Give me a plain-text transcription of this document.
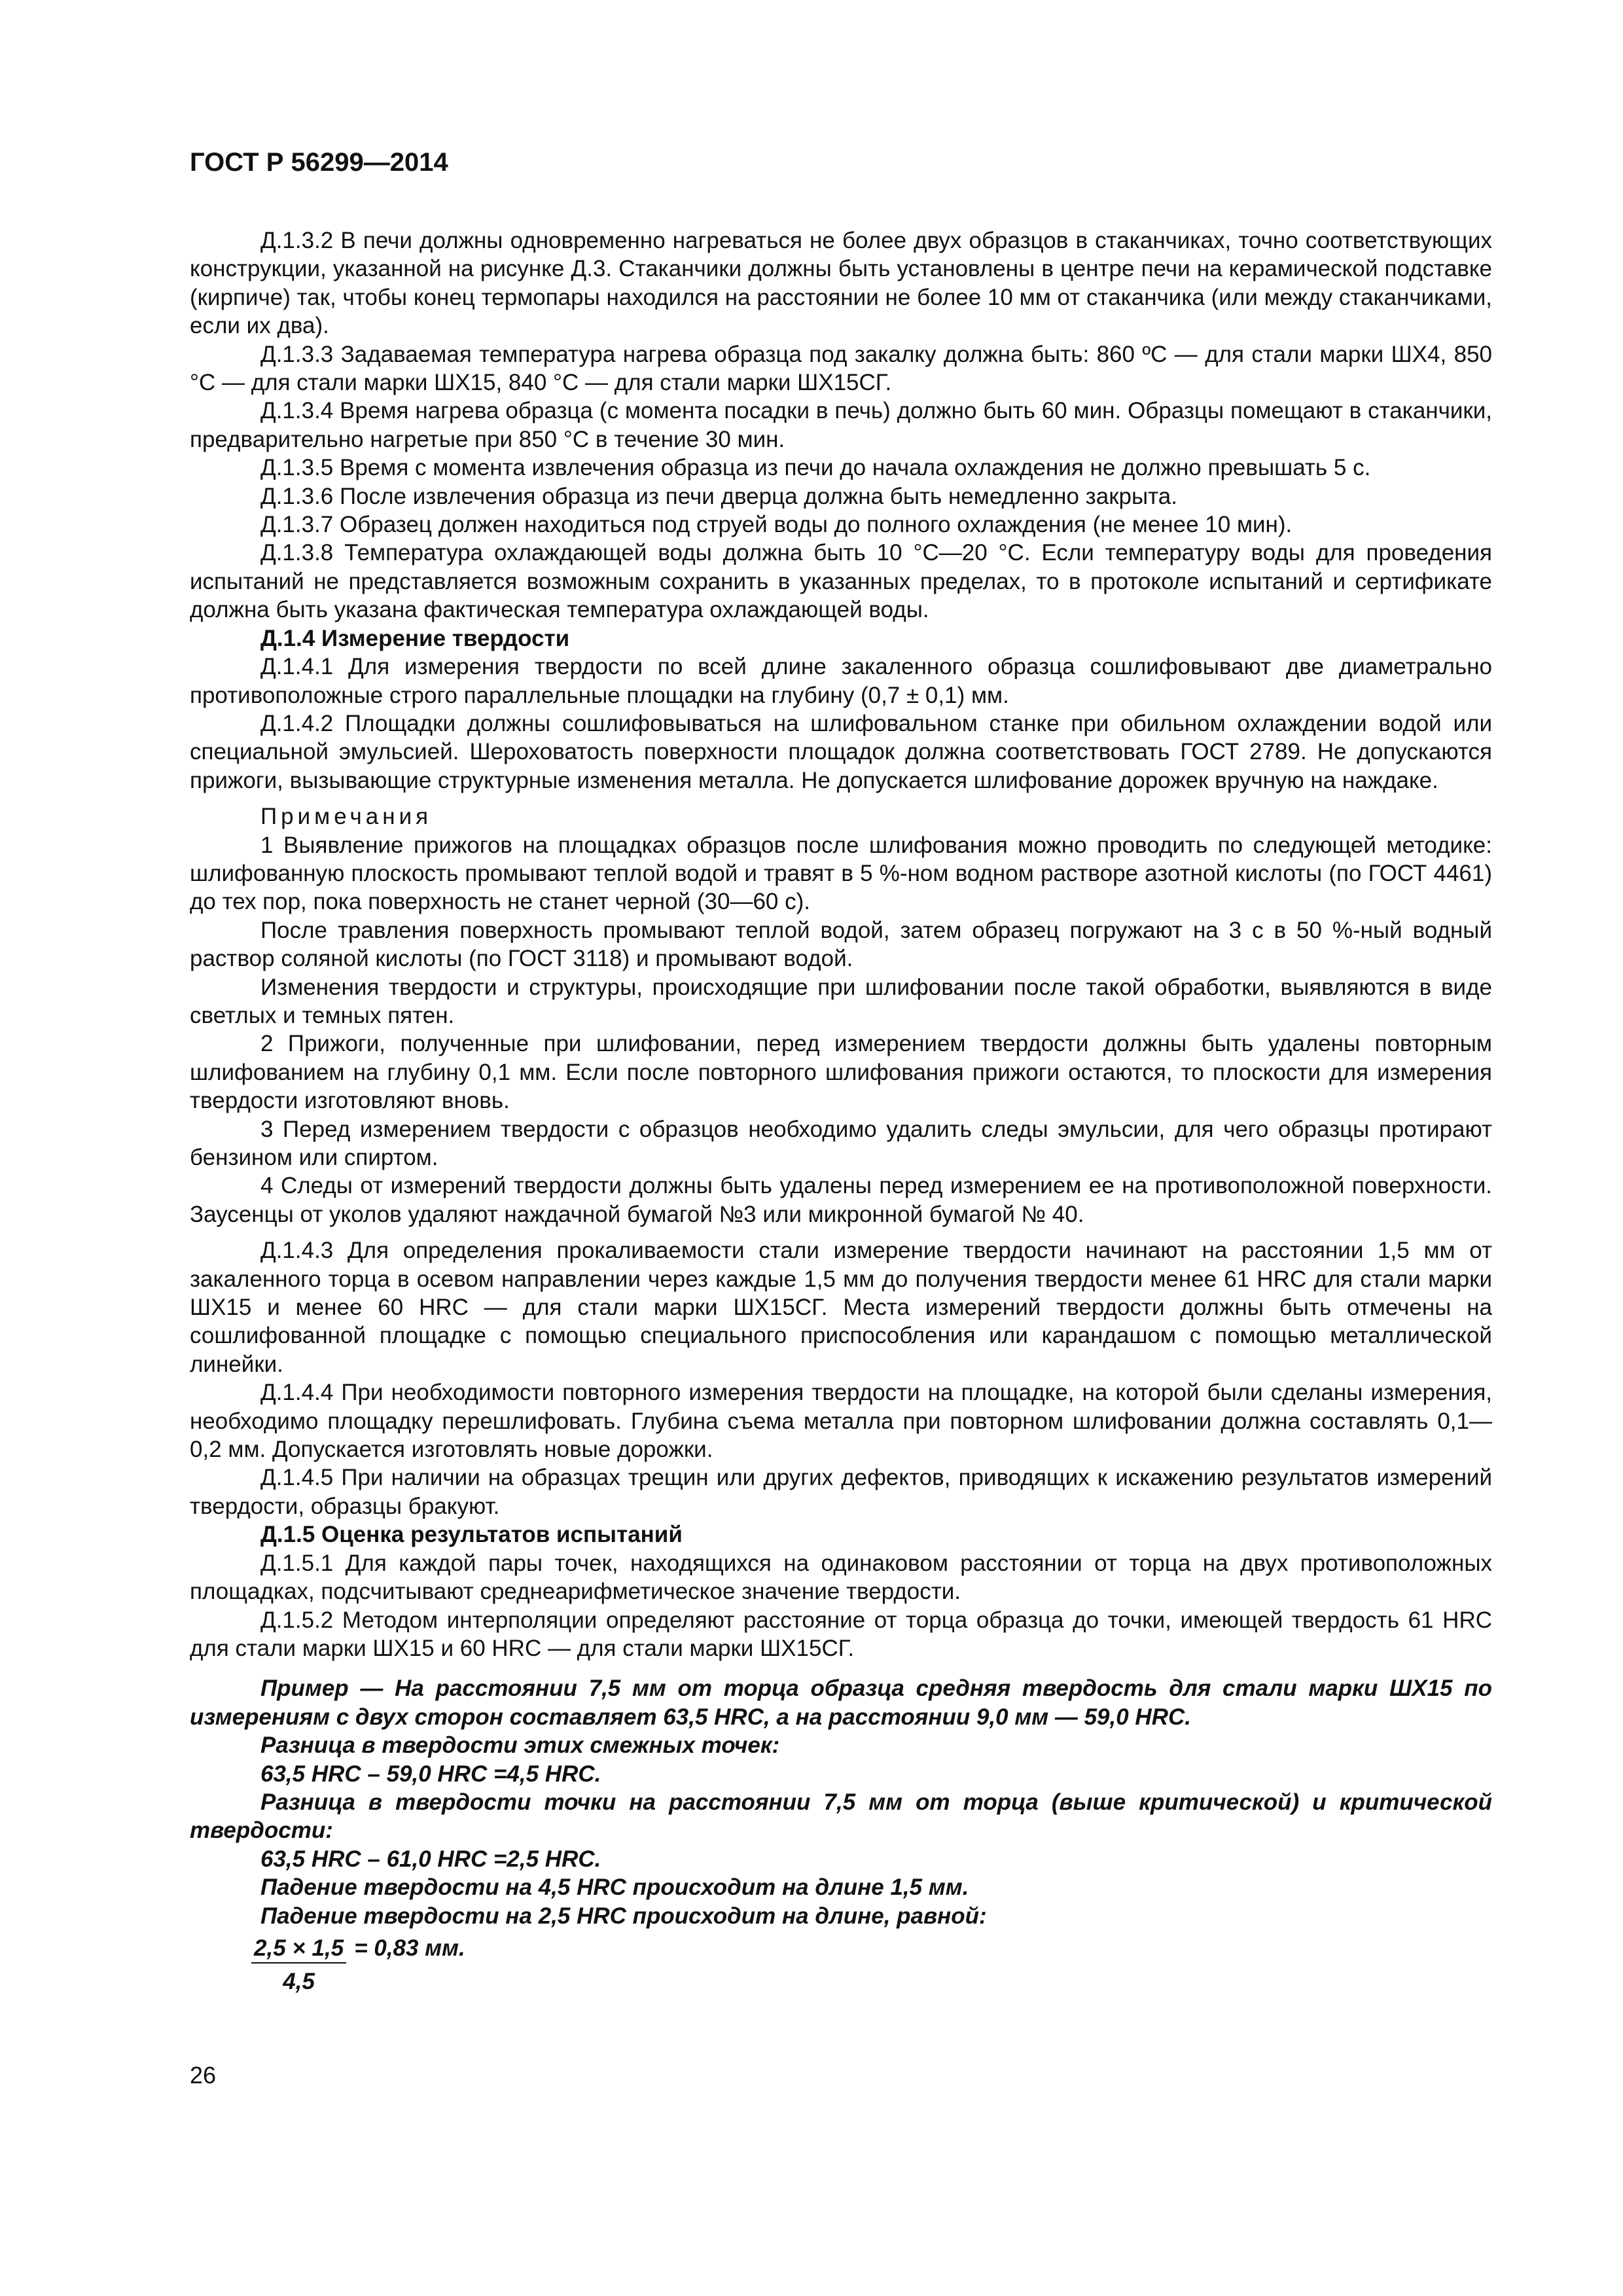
ГОСТ Р 56299—2014

Д.1.3.2 В печи должны одновременно нагреваться не более двух образцов в стаканчиках, точно соответствующих конструкции, указанной на рисунке Д.3. Стаканчики должны быть установлены в центре печи на керамической подставке (кирпиче) так, чтобы конец термопары находился на расстоянии не более 10 мм от стаканчика (или между стаканчиками, если их два).

Д.1.3.3 Задаваемая температура нагрева образца под закалку должна быть: 860 ºС — для стали марки ШХ4, 850 °С — для стали марки ШХ15, 840 °С — для стали марки ШХ15СГ.

Д.1.3.4 Время нагрева образца (с момента посадки в печь) должно быть 60 мин. Образцы помещают в стаканчики, предварительно нагретые при 850 °С в течение 30 мин.

Д.1.3.5 Время с момента извлечения образца из печи до начала охлаждения не должно превышать 5 с.

Д.1.3.6 После извлечения образца из печи дверца должна быть немедленно закрыта.

Д.1.3.7 Образец должен находиться под струей воды до полного охлаждения (не менее 10 мин).

Д.1.3.8 Температура охлаждающей воды должна быть 10 °С—20 °С. Если температуру воды для проведения испытаний не представляется возможным сохранить в указанных пределах, то в протоколе испытаний и сертификате должна быть указана фактическая температура охлаждающей воды.

Д.1.4 Измерение твердости

Д.1.4.1 Для измерения твердости по всей длине закаленного образца сошлифовывают две диаметрально противоположные строго параллельные площадки на глубину (0,7 ± 0,1) мм.

Д.1.4.2 Площадки должны сошлифовываться на шлифовальном станке при обильном охлаждении водой или специальной эмульсией. Шероховатость поверхности площадок должна соответствовать ГОСТ 2789. Не допускаются прижоги, вызывающие структурные изменения металла. Не допускается шлифование дорожек вручную на наждаке.

Примечания

1 Выявление прижогов на площадках образцов после шлифования можно проводить по следующей методике: шлифованную плоскость промывают теплой водой и травят в 5 %-ном водном растворе азотной кислоты (по ГОСТ 4461) до тех пор, пока поверхность не станет черной (30—60 с).

После травления поверхность промывают теплой водой, затем образец погружают на 3 с в 50 %-ный водный раствор соляной кислоты (по ГОСТ 3118) и промывают водой.

Изменения твердости и структуры, происходящие при шлифовании после такой обработки, выявляются в виде светлых и темных пятен.

2 Прижоги, полученные при шлифовании, перед измерением твердости должны быть удалены повторным шлифованием на глубину 0,1 мм. Если после повторного шлифования прижоги остаются, то плоскости для измерения твердости изготовляют вновь.

3 Перед измерением твердости с образцов необходимо удалить следы эмульсии, для чего образцы протирают бензином или спиртом.

4 Следы от измерений твердости должны быть удалены перед измерением ее на противоположной поверхности. Заусенцы от уколов удаляют наждачной бумагой №3 или микронной бумагой № 40.

Д.1.4.3 Для определения прокаливаемости стали измерение твердости начинают на расстоянии 1,5 мм от закаленного торца в осевом направлении через каждые 1,5 мм до получения твердости менее 61 HRC для стали марки ШХ15 и менее 60 HRC — для стали марки ШХ15СГ. Места измерений твердости должны быть отмечены на сошлифованной площадке с помощью специального приспособления или карандашом с помощью металлической линейки.

Д.1.4.4 При необходимости повторного измерения твердости на площадке, на которой были сделаны измерения, необходимо площадку перешлифовать. Глубина съема металла при повторном шлифовании должна составлять 0,1—0,2 мм. Допускается изготовлять новые дорожки.

Д.1.4.5 При наличии на образцах трещин или других дефектов, приводящих к искажению результатов измерений твердости, образцы бракуют.

Д.1.5 Оценка результатов испытаний

Д.1.5.1 Для каждой пары точек, находящихся на одинаковом расстоянии от торца на двух противоположных площадках, подсчитывают среднеарифметическое значение твердости.

Д.1.5.2 Методом интерполяции определяют расстояние от торца образца до точки, имеющей твердость 61 HRC для стали марки ШХ15 и 60 HRC — для стали марки ШХ15СГ.

Пример — На расстоянии 7,5 мм от торца образца средняя твердость для стали марки ШХ15 по измерениям с двух сторон составляет 63,5 HRC, а на расстоянии 9,0 мм — 59,0 HRC.

Разница в твердости этих смежных точек:

63,5 HRC – 59,0 HRC =4,5 HRC.

Разница в твердости точки на расстоянии 7,5 мм от торца (выше критической) и критической твердости:

63,5 HRC – 61,0 HRC =2,5 HRC.

Падение твердости на 4,5 HRC происходит на длине 1,5 мм.

Падение твердости на 2,5 HRC происходит на длине, равной:

$\frac{2,5 \times 1,5}{4,5} = 0,83$ мм.
26
